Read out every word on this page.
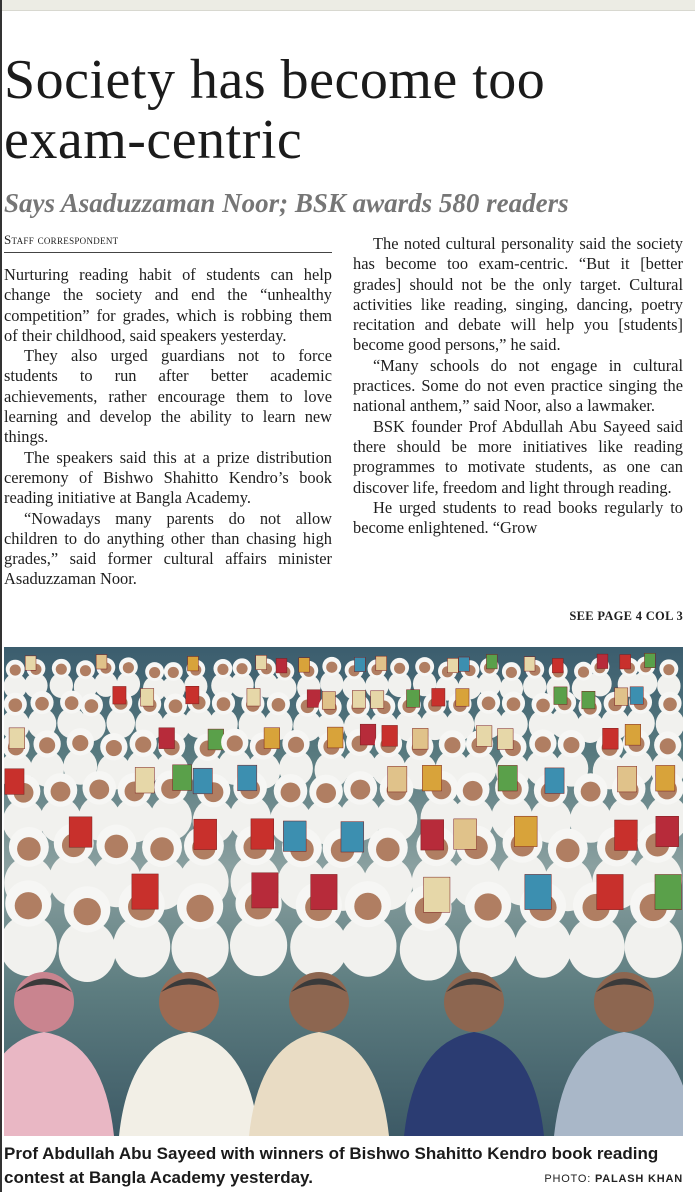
Society has become too exam-centric
Says Asaduzzaman Noor; BSK awards 580 readers
Staff correspondent

Nurturing reading habit of students can help change the society and end the “unhealthy competition” for grades, which is robbing them of their childhood, said speakers yesterday.

They also urged guardians not to force students to run after better academic achievements, rather encourage them to love learning and develop the ability to learn new things.

The speakers said this at a prize distribution ceremony of Bishwo Shahitto Kendro’s book reading initiative at Bangla Academy.

“Nowadays many parents do not allow children to do anything other than chasing high grades,” said former cultural affairs minister Asaduzzaman Noor.

The noted cultural personality said the society has become too exam-centric. “But it [better grades] should not be the only target. Cultural activities like reading, singing, dancing, poetry recitation and debate will help you [students] become good persons,” he said.

“Many schools do not engage in cultural practices. Some do not even practice singing the national anthem,” said Noor, also a lawmaker.

BSK founder Prof Abdullah Abu Sayeed said there should be more initiatives like reading programmes to motivate students, as one can discover life, freedom and light through reading.

He urged students to read books regularly to become enlightened. “Grow

SEE PAGE 4 COL 3

Prof Abdullah Abu Sayeed with winners of Bishwo Shahitto Kendro book reading contest at Bangla Academy yesterday.	PHOTO: PALASH KHAN
